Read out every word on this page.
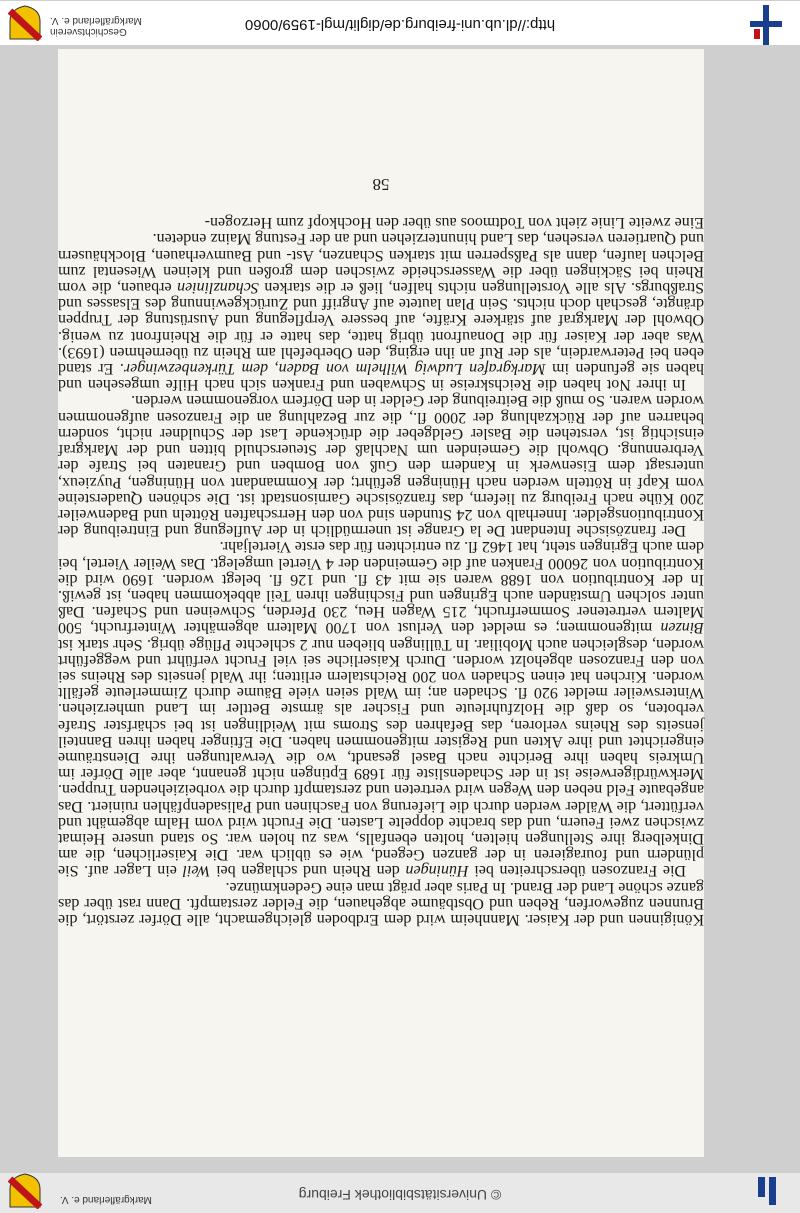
© Universitätsbibliothek Freiburg
Markgräflerland e. V.

Königinnen und der Kaiser. Mannheim wird dem Erdboden gleichgemacht, alle Dörfer zerstört, die Brunnen zugeworfen, Reben und Obstbäume abgehauen, die Felder zerstampft. Dann rast über das ganze schöne Land der Brand. In Paris aber prägt man eine Gedenkmünze.

Die Franzosen überschreiten bei Hüningen den Rhein und schlagen bei Weil ein Lager auf. Sie plündern und fouragieren in der ganzen Gegend, wie es üblich war. Die Kaiserlichen, die am Dinkelberg ihre Stellungen hielten, holten ebenfalls, was zu holen war. So stand unsere Heimat zwischen zwei Feuern, und das brachte doppelte Lasten. Die Frucht wird vom Halm abgemäht und verfüttert, die Wälder werden durch die Lieferung von Faschinen und Palisadenpfählen ruiniert. Das angebaute Feld neben den Wegen wird vertreten und zerstampft durch die vorbeiziehenden Truppen. Merkwürdigerweise ist in der Schadensliste für 1689 Eptingen nicht genannt, aber alle Dörfer im Umkreis haben ihre Berichte nach Basel gesandt, wo die Verwaltungen ihre Diensträume eingerichtet und ihre Akten und Register mitgenommen haben. Die Eftinger haben ihren Bannteil jenseits des Rheins verloren, das Befahren des Stroms mit Weidlingen ist bei schärfster Strafe verboten, so daß die Holzfuhrleute und Fischer als ärmste Bettler im Land umherziehen. Wintersweiler meldet 920 fl. Schaden an; im Wald seien viele Bäume durch Zimmerleute gefällt worden. Kirchen hat einen Schaden von 200 Reichstalern erlitten; ihr Wald jenseits des Rheins sei von den Franzosen abgeholzt worden. Durch Kaiserliche sei viel Frucht verführt und weggeführt worden, desgleichen auch Mobiliar. In Tüllingen blieben nur 2 schlechte Pflüge übrig. Sehr stark ist Binzen mitgenommen; es meldet den Verlust von 1700 Maltern abgemähter Winterfrucht, 500 Maltern vertretener Sommerfrucht, 215 Wagen Heu, 230 Pferden, Schweinen und Schafen. Daß unter solchen Umständen auch Egringen und Fischingen ihren Teil abbekommen haben, ist gewiß. In der Kontribution von 1688 waren sie mit 43 fl. und 126 fl. belegt worden. 1690 wird die Kontribution von 26000 Franken auf die Gemeinden der 4 Viertel umgelegt. Das Weiler Viertel, bei dem auch Egringen steht, hat 1462 fl. zu entrichten für das erste Vierteljahr.

Der französische Intendant De la Grange ist unermüdlich in der Auflegung und Eintreibung der Kontributionsgelder. Innerhalb von 24 Stunden sind von den Herrschaften Rötteln und Badenweiler 200 Kühe nach Freiburg zu liefern, das französische Garnisonstadt ist. Die schönen Quadersteine vom Kapf in Rötteln werden nach Hüningen geführt; der Kommandant von Hüningen, Puyzieux, untersagt dem Eisenwerk in Kandern den Guß von Bomben und Granaten bei Strafe der Verbrennung. Obwohl die Gemeinden um Nachlaß der Steuerschuld bitten und der Markgraf einsichtig ist, verstehen die Basler Geldgeber die drückende Last der Schuldner nicht, sondern beharren auf der Rückzahlung der 2000 fl., die zur Bezahlung an die Franzosen aufgenommen worden waren. So muß die Beitreibung der Gelder in den Dörfern vorgenommen werden.

In ihrer Not haben die Reichskreise in Schwaben und Franken sich nach Hilfe umgesehen und haben sie gefunden im Markgrafen Ludwig Wilhelm von Baden, dem Türkenbezwinger. Er stand eben bei Peterwardein, als der Ruf an ihn erging, den Oberbefehl am Rhein zu übernehmen (1693). Was aber der Kaiser für die Donaufront übrig hatte, das hatte er für die Rheinfront zu wenig. Obwohl der Markgraf auf stärkere Kräfte, auf bessere Verpflegung und Ausrüstung der Truppen drängte, geschah doch nichts. Sein Plan lautete auf Angriff und Zurückgewinnung des Elsasses und Straßburgs. Als alle Vorstellungen nichts halfen, ließ er die starken Schanzlinien erbauen, die vom Rhein bei Säckingen über die Wasserscheide zwischen dem großen und kleinen Wiesental zum Belchen laufen, dann als Paßsperren mit starken Schanzen, Ast- und Baumverhauen, Blockhäusern und Quartieren versehen, das Land hinunterziehen und an der Festung Mainz endeten.

Eine zweite Linie zieht von Todtmoos aus über den Hochkopf zum Herzogen-

58
Geschichtsverein
Markgräflerland e. V.	http://dl.ub.uni-freiburg.de/diglit/mgl-1959/0060
